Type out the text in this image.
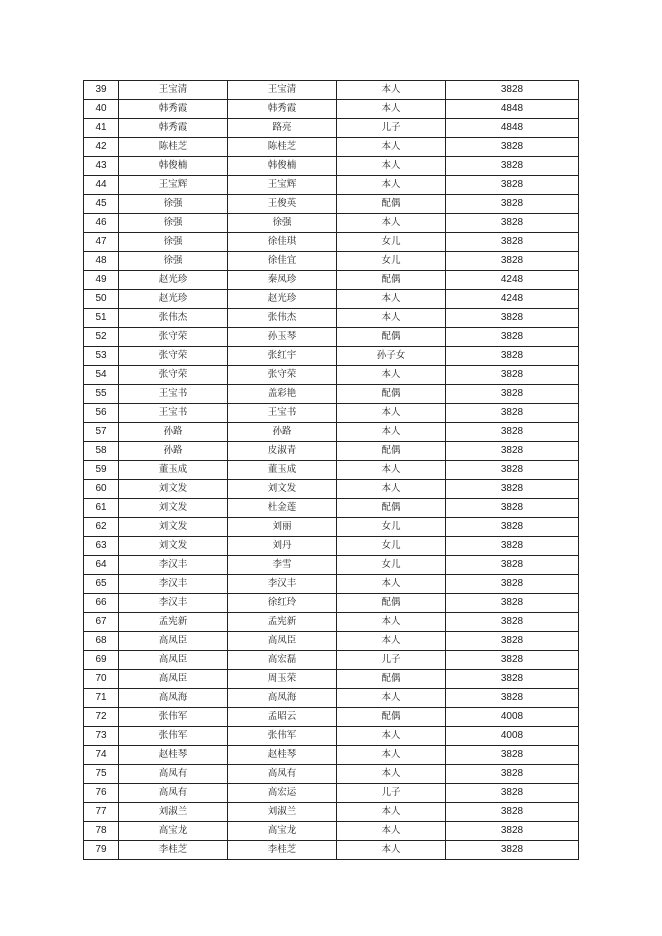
39	王宝清	王宝清	本人	3828
40	韩秀霞	韩秀霞	本人	4848
41	韩秀霞	路亮	儿子	4848
42	陈桂芝	陈桂芝	本人	3828
43	韩俊楠	韩俊楠	本人	3828
44	王宝辉	王宝辉	本人	3828
45	徐强	王俊英	配偶	3828
46	徐强	徐强	本人	3828
47	徐强	徐佳琪	女儿	3828
48	徐强	徐佳宜	女儿	3828
49	赵光珍	秦凤珍	配偶	4248
50	赵光珍	赵光珍	本人	4248
51	张伟杰	张伟杰	本人	3828
52	张守荣	孙玉琴	配偶	3828
53	张守荣	张红宇	孙子女	3828
54	张守荣	张守荣	本人	3828
55	王宝书	盖彩艳	配偶	3828
56	王宝书	王宝书	本人	3828
57	孙路	孙路	本人	3828
58	孙路	皮淑青	配偶	3828
59	董玉成	董玉成	本人	3828
60	刘文发	刘文发	本人	3828
61	刘文发	杜金莲	配偶	3828
62	刘文发	刘丽	女儿	3828
63	刘文发	刘丹	女儿	3828
64	李汉丰	李雪	女儿	3828
65	李汉丰	李汉丰	本人	3828
66	李汉丰	徐红玲	配偶	3828
67	孟宪新	孟宪新	本人	3828
68	高凤臣	高凤臣	本人	3828
69	高凤臣	高宏磊	儿子	3828
70	高凤臣	周玉荣	配偶	3828
71	高凤海	高凤海	本人	3828
72	张伟军	孟昭云	配偶	4008
73	张伟军	张伟军	本人	4008
74	赵桂琴	赵桂琴	本人	3828
75	高凤有	高凤有	本人	3828
76	高凤有	高宏运	儿子	3828
77	刘淑兰	刘淑兰	本人	3828
78	高宝龙	高宝龙	本人	3828
79	李桂芝	李桂芝	本人	3828
